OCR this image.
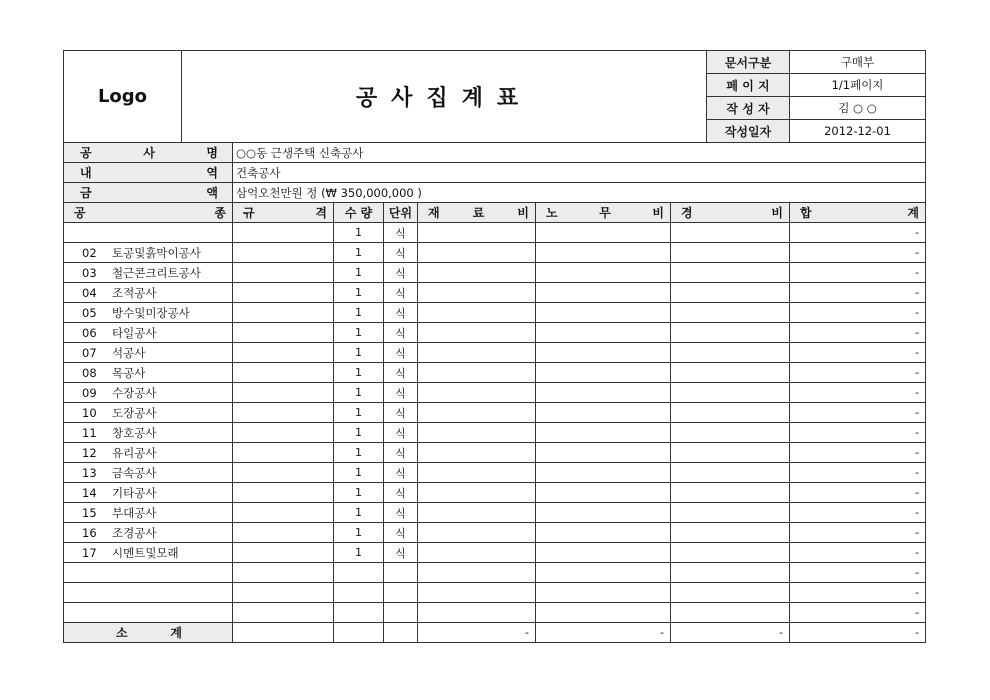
Logo	공사집계표	문서구분	구매부
		페 이 지	1/1페이지
		작 성 자	김 ○ ○
		작성일자	2012-12-01
공 사 명	○○동 근생주택 신축공사

내 역	건축공사

금 액	삼억오천만원 정 (₩ 350,000,000 )
공 종	규 격	수 량	단위	재 료 비	노 무 비	경 비	합 계

		1	식				-

02 토공및흙막이공사		1	식				-

03 철근콘크리트공사		1	식				-

04 조적공사		1	식				-

05 방수및미장공사		1	식				-

06 타일공사		1	식				-

07 석공사		1	식				-

08 목공사		1	식				-

09 수장공사		1	식				-

10 도장공사		1	식				-

11 창호공사		1	식				-

12 유리공사		1	식				-

13 금속공사		1	식				-

14 기타공사		1	식				-

15 부대공사		1	식				-

16 조경공사		1	식				-

17 시멘트및모래		1	식				-

							-

							-

							-

소 계				-	-	-	-
